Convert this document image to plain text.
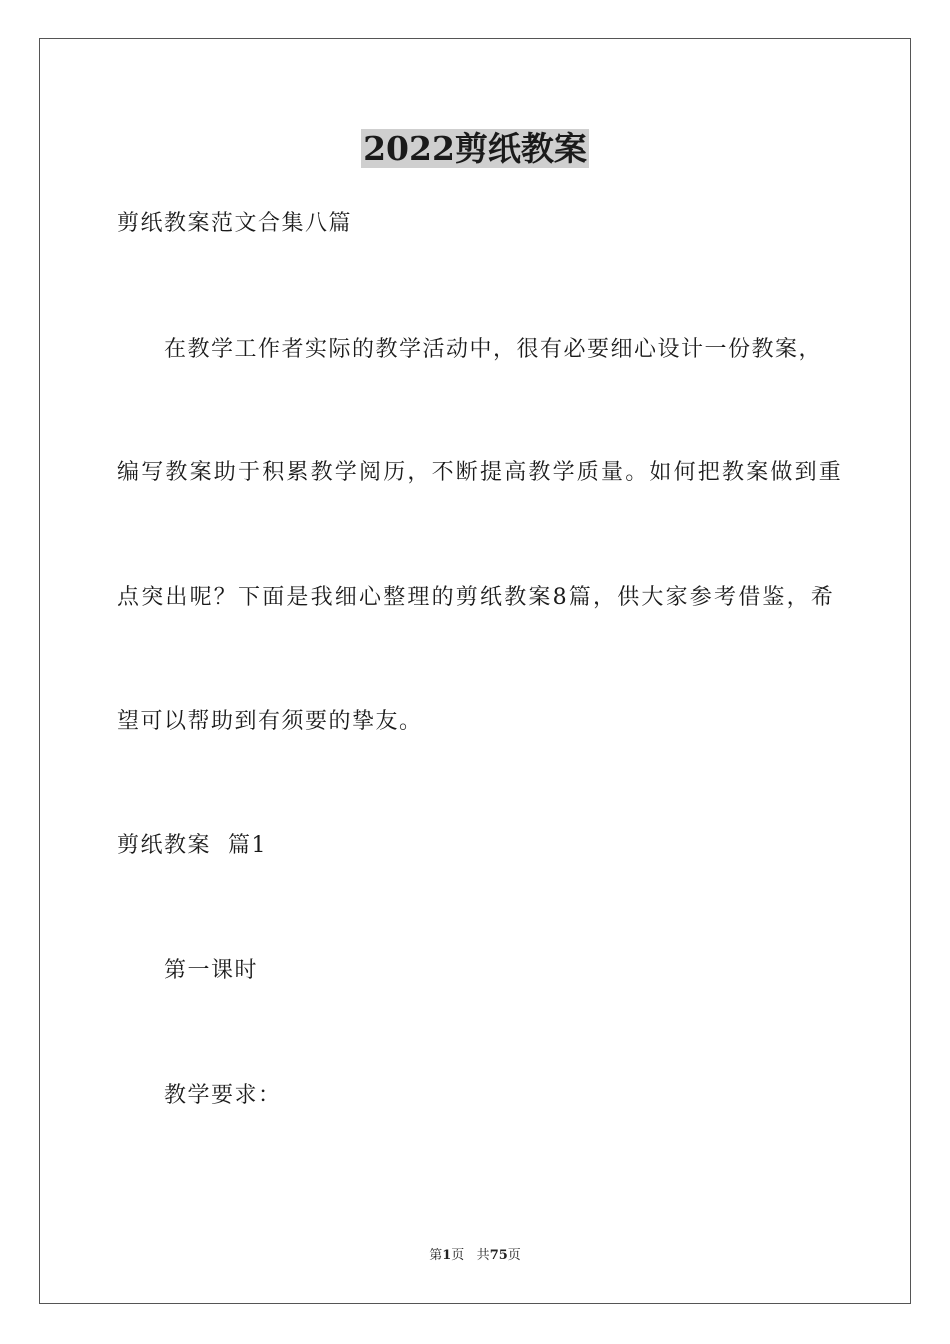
2022剪纸教案
剪纸教案范文合集八篇
在教学工作者实际的教学活动中，很有必要细心设计一份教案，
编写教案助于积累教学阅历，不断提高教学质量。如何把教案做到重
点突出呢？下面是我细心整理的剪纸教案8篇，供大家参考借鉴，希
望可以帮助到有须要的挚友。
剪纸教案  篇1
第一课时
教学要求：
第1页 共75页
